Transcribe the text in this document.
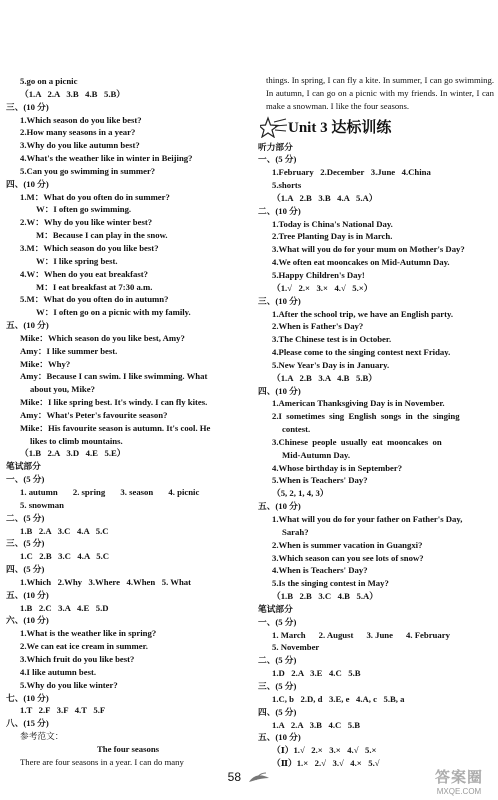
5.go on a picnic
（1.A   2.A   3.B   4.B   5.B）
三、(10 分)
1.Which season do you like best?
2.How many seasons in a year?
3.Why do you like autumn best?
4.What's the weather like in winter in Beijing?
5.Can you go swimming in summer?
四、(10 分)
1.M：What do you often do in summer?
W：I often go swimming.
2.W：Why do you like winter best?
M：Because I can play in the snow.
3.M：Which season do you like best?
W：I like spring best.
4.W：When do you eat breakfast?
M：I eat breakfast at 7:30 a.m.
5.M：What do you often do in autumn?
W：I often go on a picnic with my family.
五、(10 分)
Mike：Which season do you like best, Amy?
Amy：I like summer best.
Mike：Why?
Amy：Because I can swim. I like swimming. What
about you, Mike?
Mike：I like spring best. It's windy. I can fly kites.
Amy：What's Peter's favourite season?
Mike：His favourite season is autumn. It's cool. He
likes to climb mountains.
（1.B   2.A   3.D   4.E   5.E）
笔试部分
一、(5 分)
1. autumn       2. spring       3. season       4. picnic
5. snowman
二、(5 分)
1.B   2.A   3.C   4.A   5.C
三、(5 分)
1.C   2.B   3.C   4.A   5.C
四、(5 分)
1.Which   2.Why   3.Where   4.When   5. What
五、(10 分)
1.B   2.C   3.A   4.E   5.D
六、(10 分)
1.What is the weather like in spring?
2.We can eat ice cream in summer.
3.Which fruit do you like best?
4.I like autumn best.
5.Why do you like winter?
七、(10 分)
1.T   2.F   3.F   4.T   5.F
八、(15 分)
参考范文：
The four seasons
There are four seasons in a year. I can do many
things. In spring, I can fly a kite. In summer, I can go swimming. In autumn, I can go on a picnic with my friends. In winter, I can make a snowman. I like the four seasons.
Unit 3 达标训练
听力部分
一、(5 分)
1.February   2.December   3.June   4.China
5.shorts
（1.A   2.B   3.B   4.A   5.A）
二、(10 分)
1.Today is China's National Day.
2.Tree Planting Day is in March.
3.What will you do for your mum on Mother's Day?
4.We often eat mooncakes on Mid-Autumn Day.
5.Happy Children's Day!
（1.√   2.×   3.×   4.√   5.×）
三、(10 分)
1.After the school trip, we have an English party.
2.When is Father's Day?
3.The Chinese test is in October.
4.Please come to the singing contest next Friday.
5.New Year's Day is in January.
（1.A   2.B   3.A   4.B   5.B）
四、(10 分)
1.American Thanksgiving Day is in November.
2.I  sometimes  sing  English  songs  in  the  singing
contest.
3.Chinese  people  usually  eat  mooncakes  on
Mid-Autumn Day.
4.Whose birthday is in September?
5.When is Teachers' Day?
（5, 2, 1, 4, 3）
五、(10 分)
1.What will you do for your father on Father's Day,
Sarah?
2.When is summer vacation in Guangxi?
3.Which season can you see lots of snow?
4.When is Teachers' Day?
5.Is the singing contest in May?
（1.B   2.B   3.C   4.B   5.A）
笔试部分
一、(5 分)
1. March      2. August      3. June      4. February
5. November
二、(5 分)
1.D   2.A   3.E   4.C   5.B
三、(5 分)
1.C, b   2.D, d   3.E, e   4.A, c   5.B, a
四、(5 分)
1.A   2.A   3.B   4.C   5.B
五、(10 分)
（Ⅰ）1.√   2.×   3.×   4.√   5.×
（Ⅱ）1.×   2.√   3.√   4.×   5.√
58	答案圈
MXQE.COM
